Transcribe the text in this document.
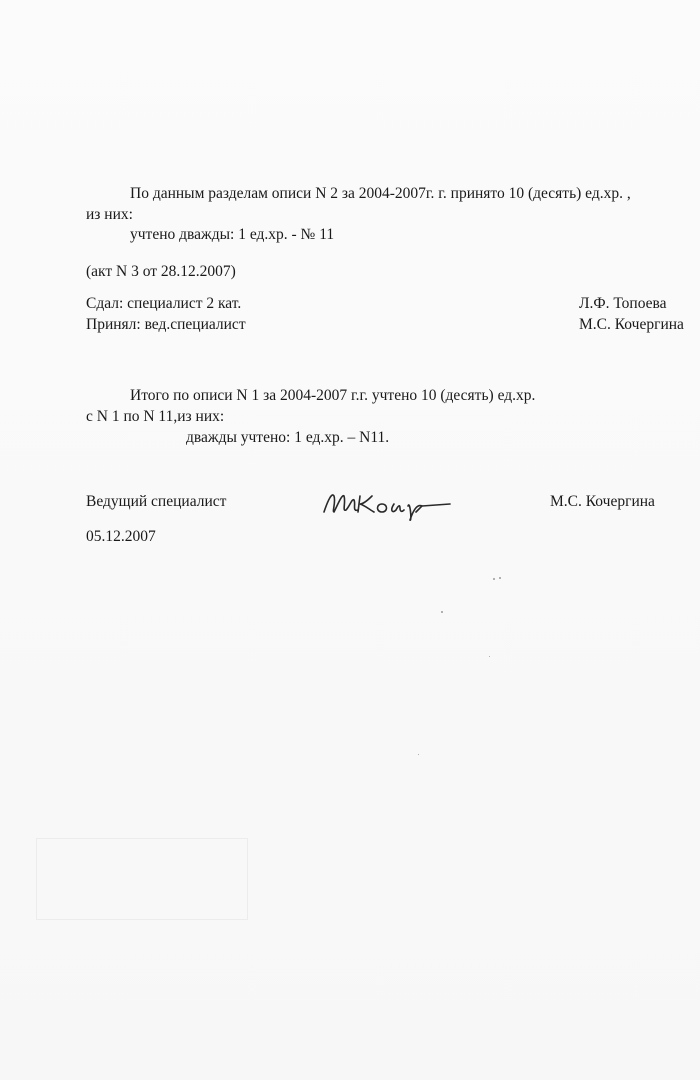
По данным разделам описи N 2 за 2004-2007г. г. принято 10 (десять) ед.хр. ,
из них:
учтено дважды: 1 ед.хр. - № 11
(акт N 3 от 28.12.2007)
Сдал: специалист 2 кат.	Л.Ф. Топоева
Принял: вед.специалист	М.С. Кочергина
Итого по описи N 1 за 2004-2007 г.г. учтено 10 (десять) ед.хр.
с N 1 по N 11,из них:
дважды учтено: 1 ед.хр. – N11.
Ведущий специалист	М.С. Кочергина
05.12.2007
